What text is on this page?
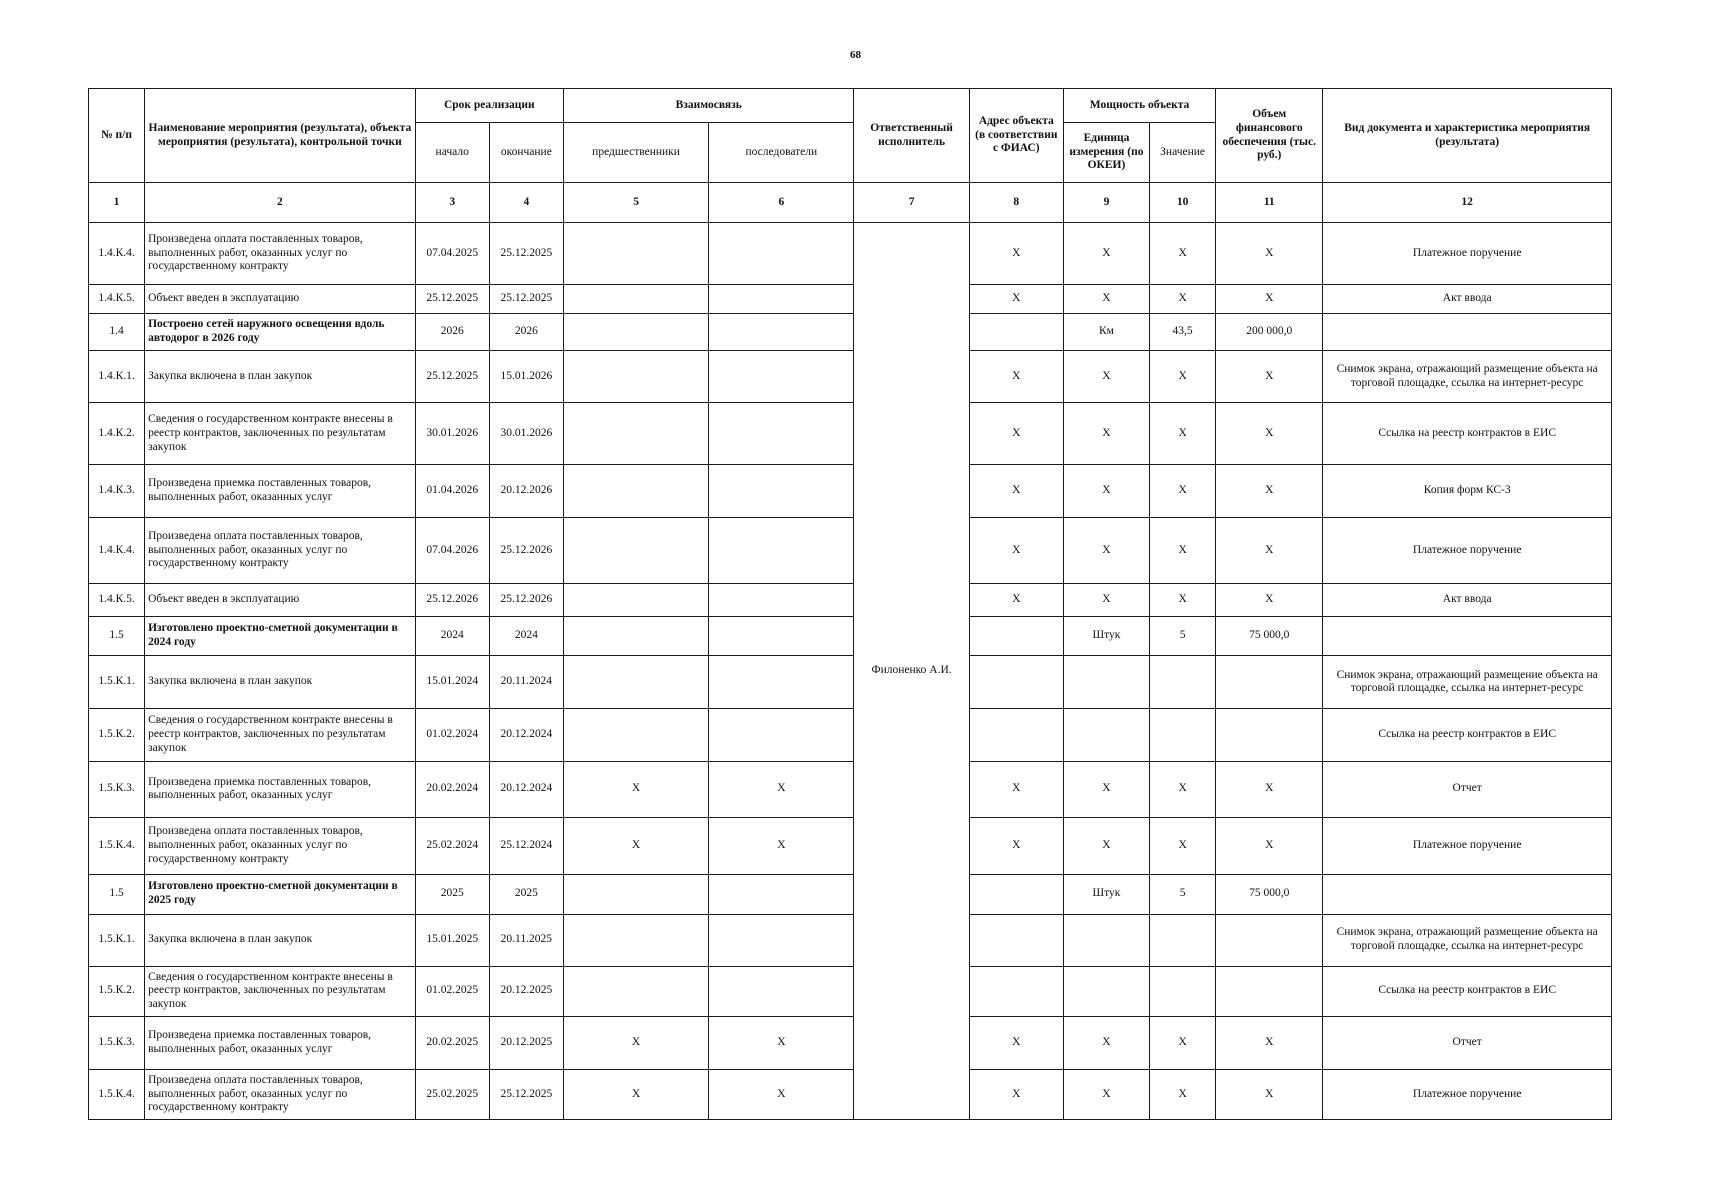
68
№ п/п	Наименование мероприятия (результата), объекта мероприятия (результата), контрольной точки	Срок реализации		Взаимосвязь		Ответственный исполнитель	Адрес объекта (в соответствии с ФИАС)	Мощность объекта		Объем финансового обеспечения (тыс. руб.)	Вид документа и характеристика мероприятия (результата)
		начало	окончание	предшественники	последователи			Единица измерения (по ОКЕИ)	Значение		
1	2	3	4	5	6	7	8	9	10	11	12
1.4.К.4.	Произведена оплата поставленных товаров, выполненных работ, оказанных услуг по государственному контракту	07.04.2025	25.12.2025			Филоненко А.И.	X	X	X	X	Платежное поручение
1.4.К.5.	Объект введен в эксплуатацию	25.12.2025	25.12.2025				X	X	X	X	Акт ввода
1.4	Построено сетей наружного освещения вдоль автодорог в 2026 году	2026	2026					Км	43,5	200 000,0	
1.4.К.1.	Закупка включена в план закупок	25.12.2025	15.01.2026				X	X	X	X	Снимок экрана, отражающий размещение объекта на торговой площадке, ссылка на интернет-ресурс
1.4.К.2.	Сведения о государственном контракте внесены в реестр контрактов, заключенных по результатам закупок	30.01.2026	30.01.2026				X	X	X	X	Ссылка на реестр контрактов в ЕИС
1.4.К.3.	Произведена приемка поставленных товаров, выполненных работ, оказанных услуг	01.04.2026	20.12.2026				X	X	X	X	Копия форм КС-3
1.4.К.4.	Произведена оплата поставленных товаров, выполненных работ, оказанных услуг по государственному контракту	07.04.2026	25.12.2026				X	X	X	X	Платежное поручение
1.4.К.5.	Объект введен в эксплуатацию	25.12.2026	25.12.2026				X	X	X	X	Акт ввода
1.5	Изготовлено проектно-сметной документации в 2024 году	2024	2024					Штук	5	75 000,0	
1.5.К.1.	Закупка включена в план закупок	15.01.2024	20.11.2024								Снимок экрана, отражающий размещение объекта на торговой площадке, ссылка на интернет-ресурс
1.5.К.2.	Сведения о государственном контракте внесены в реестр контрактов, заключенных по результатам закупок	01.02.2024	20.12.2024								Ссылка на реестр контрактов в ЕИС
1.5.К.3.	Произведена приемка поставленных товаров, выполненных работ, оказанных услуг	20.02.2024	20.12.2024	X	X		X	X	X	X	Отчет
1.5.К.4.	Произведена оплата поставленных товаров, выполненных работ, оказанных услуг по государственному контракту	25.02.2024	25.12.2024	X	X		X	X	X	X	Платежное поручение
1.5	Изготовлено проектно-сметной документации в 2025 году	2025	2025					Штук	5	75 000,0	
1.5.К.1.	Закупка включена в план закупок	15.01.2025	20.11.2025								Снимок экрана, отражающий размещение объекта на торговой площадке, ссылка на интернет-ресурс
1.5.К.2.	Сведения о государственном контракте внесены в реестр контрактов, заключенных по результатам закупок	01.02.2025	20.12.2025								Ссылка на реестр контрактов в ЕИС
1.5.К.3.	Произведена приемка поставленных товаров, выполненных работ, оказанных услуг	20.02.2025	20.12.2025	X	X		X	X	X	X	Отчет
1.5.К.4.	Произведена оплата поставленных товаров, выполненных работ, оказанных услуг по государственному контракту	25.02.2025	25.12.2025	X	X		X	X	X	X	Платежное поручение
